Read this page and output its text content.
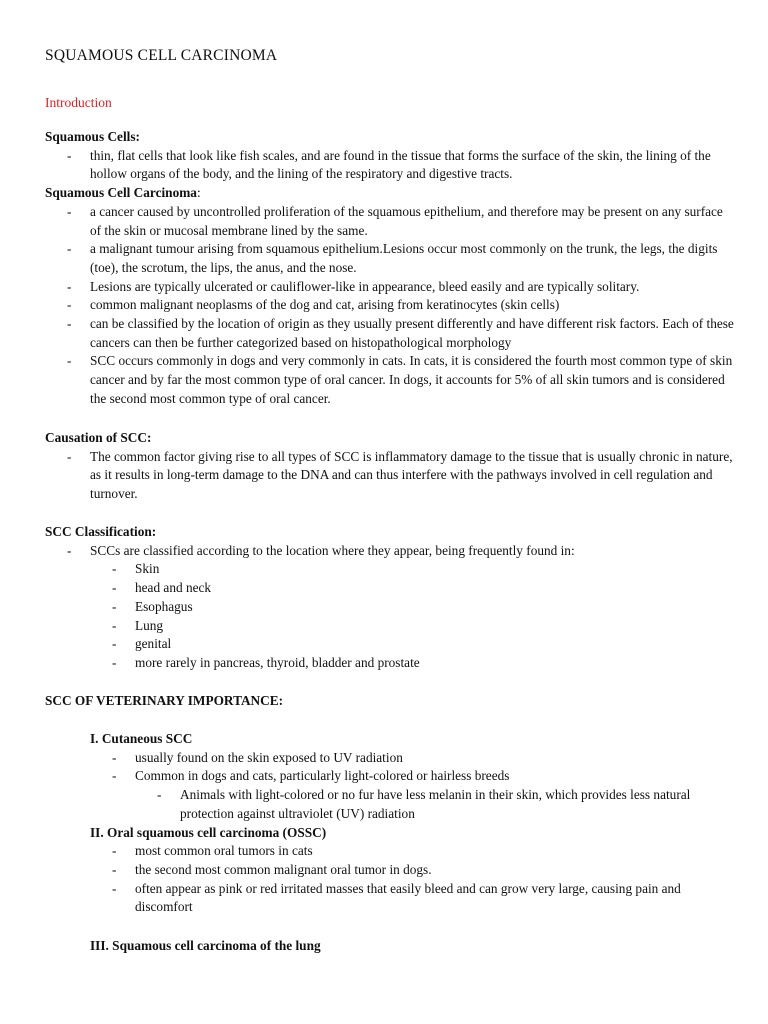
SQUAMOUS CELL CARCINOMA
Introduction
Squamous Cells:
- thin, flat cells that look like fish scales, and are found in the tissue that forms the surface of the skin, the lining of the hollow organs of the body, and the lining of the respiratory and digestive tracts.
Squamous Cell Carcinoma:
- a cancer caused by uncontrolled proliferation of the squamous epithelium, and therefore may be present on any surface of the skin or mucosal membrane lined by the same.
- a malignant tumour arising from squamous epithelium.Lesions occur most commonly on the trunk, the legs, the digits (toe), the scrotum, the lips, the anus, and the nose.
- Lesions are typically ulcerated or cauliflower-like in appearance, bleed easily and are typically solitary.
- common malignant neoplasms of the dog and cat, arising from keratinocytes (skin cells)
- can be classified by the location of origin as they usually present differently and have different risk factors. Each of these cancers can then be further categorized based on histopathological morphology
- SCC occurs commonly in dogs and very commonly in cats. In cats, it is considered the fourth most common type of skin cancer and by far the most common type of oral cancer. In dogs, it accounts for 5% of all skin tumors and is considered the second most common type of oral cancer.
Causation of SCC:
- The common factor giving rise to all types of SCC is inflammatory damage to the tissue that is usually chronic in nature, as it results in long-term damage to the DNA and can thus interfere with the pathways involved in cell regulation and turnover.
SCC Classification:
- SCCs are classified according to the location where they appear, being frequently found in:
- Skin
- head and neck
- Esophagus
- Lung
- genital
- more rarely in pancreas, thyroid, bladder and prostate
SCC OF VETERINARY IMPORTANCE:
I. Cutaneous SCC
- usually found on the skin exposed to UV radiation
- Common in dogs and cats, particularly light-colored or hairless breeds
- Animals with light-colored or no fur have less melanin in their skin, which provides less natural protection against ultraviolet (UV) radiation
II. Oral squamous cell carcinoma (OSSC)
- most common oral tumors in cats
- the second most common malignant oral tumor in dogs.
- often appear as pink or red irritated masses that easily bleed and can grow very large, causing pain and discomfort
III. Squamous cell carcinoma of the lung
